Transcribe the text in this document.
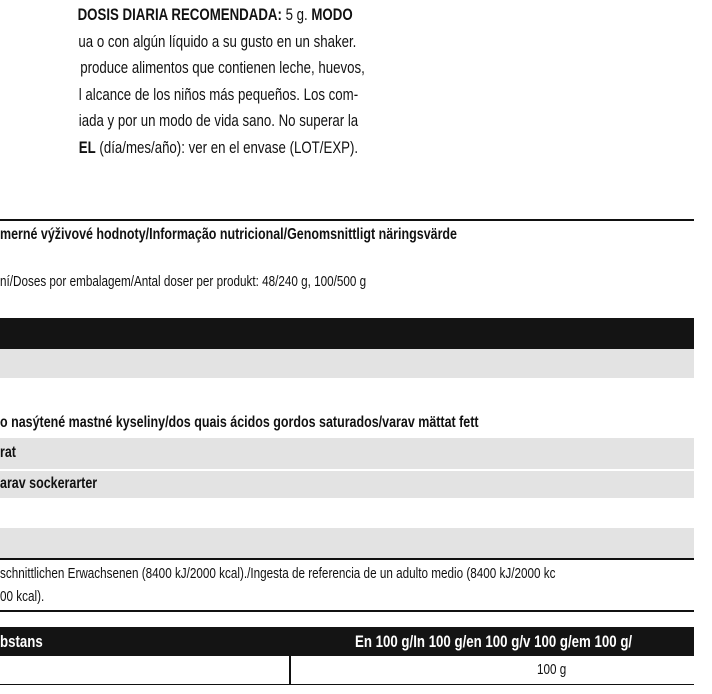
DOSIS DIARIA RECOMENDADA: 5 g. MODO
ua o con algún líquido a su gusto en un shaker.
produce alimentos que contienen leche, huevos,
l alcance de los niños más pequeños. Los com-
iada y por un modo de vida sano. No superar la
EL (día/mes/año): ver en el envase (LOT/EXP).
merné výživové hodnoty/Informação nutricional/Genomsnittligt näringsvärde
ní/Doses por embalagem/Antal doser per produkt: 48/240 g, 100/500 g
o nasýtené mastné kyseliny/dos quais ácidos gordos saturados/varav mättat fett
rat
arav sockerarter
schnittlichen Erwachsenen (8400 kJ/2000 kcal)./Ingesta de referencia de un adulto medio (8400 kJ/2000 kc
00 kcal).
bstans	En 100 g/In 100 g/en 100 g/v 100 g/em 100 g/
100 g
